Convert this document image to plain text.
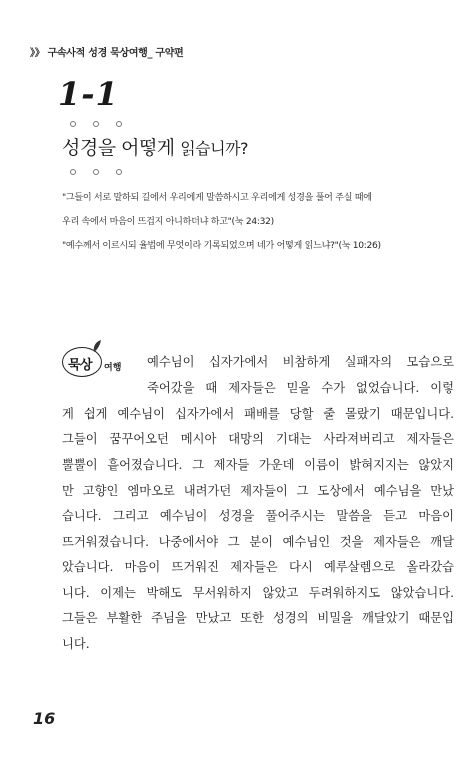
》》 구속사적 성경 묵상여행_ 구약편
1-1
성경을 어떻게 읽습니까?
"그들이 서로 말하되 길에서 우리에게 말씀하시고 우리에게 성경을 풀어 주실 때에
우리 속에서 마음이 뜨겁지 아니하더냐 하고"(눅 24:32)
"예수께서 이르시되 율법에 무엇이라 기록되었으며 네가 어떻게 읽느냐?"(눅 10:26)
묵상 여행 예수님이 십자가에서 비참하게 실패자의 모습으로
죽어갔을 때 제자들은 믿을 수가 없었습니다. 이렇
게 쉽게 예수님이 십자가에서 패배를 당할 줄 몰랐기 때문입니다.
그들이 꿈꾸어오던 메시아 대망의 기대는 사라져버리고 제자들은
뿔뿔이 흩어졌습니다. 그 제자들 가운데 이름이 밝혀지지는 않았지
만 고향인 엠마오로 내려가던 제자들이 그 도상에서 예수님을 만났
습니다. 그리고 예수님이 성경을 풀어주시는 말씀을 듣고 마음이
뜨거워졌습니다. 나중에서야 그 분이 예수님인 것을 제자들은 깨달
았습니다. 마음이 뜨거워진 제자들은 다시 예루살렘으로 올라갔습
니다. 이제는 박해도 무서워하지 않았고 두려워하지도 않았습니다.
그들은 부활한 주님을 만났고 또한 성경의 비밀을 깨달았기 때문입
니다.
16
